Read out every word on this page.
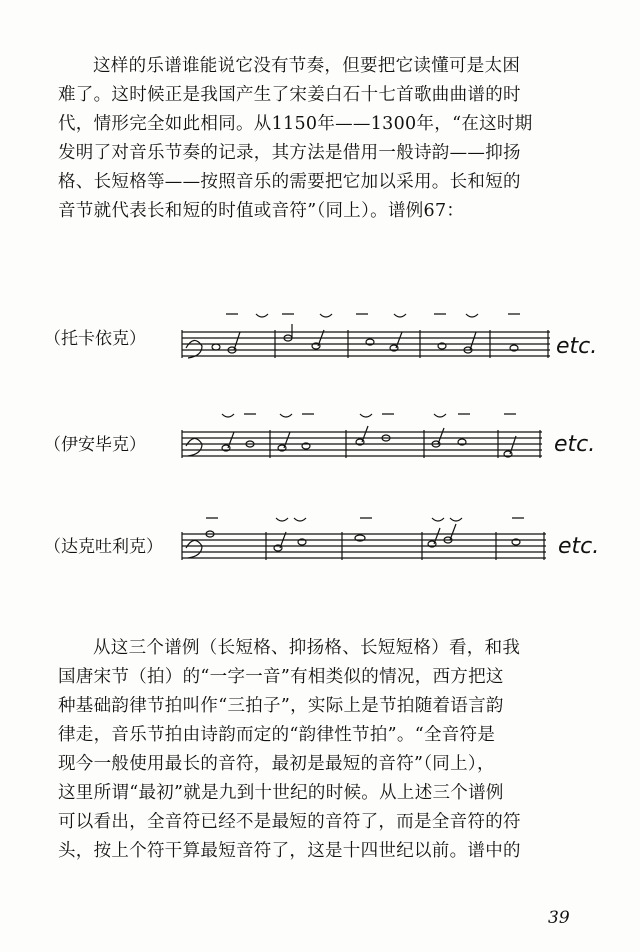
这样的乐谱谁能说它没有节奏，但要把它读懂可是太困
难了。这时候正是我国产生了宋姜白石十七首歌曲曲谱的时
代，情形完全如此相同。从1150年——1300年，“在这时期
发明了对音乐节奏的记录，其方法是借用一般诗韵——抑扬
格、长短格等——按照音乐的需要把它加以采用。长和短的
音节就代表长和短的时值或音符”（同上）。谱例67：
（托卡依克）	etc.
（伊安毕克）	etc.
（达克吐利克）	etc.
从这三个谱例（长短格、抑扬格、长短短格）看，和我
国唐宋节（拍）的“一字一音”有相类似的情况，西方把这
种基础韵律节拍叫作“三拍子”，实际上是节拍随着语言韵
律走，音乐节拍由诗韵而定的“韵律性节拍”。“全音符是
现今一般使用最长的音符，最初是最短的音符”（同上），
这里所谓“最初”就是九到十世纪的时候。从上述三个谱例
可以看出，全音符已经不是最短的音符了，而是全音符的符
头，按上个符干算最短音符了，这是十四世纪以前。谱中的
39
